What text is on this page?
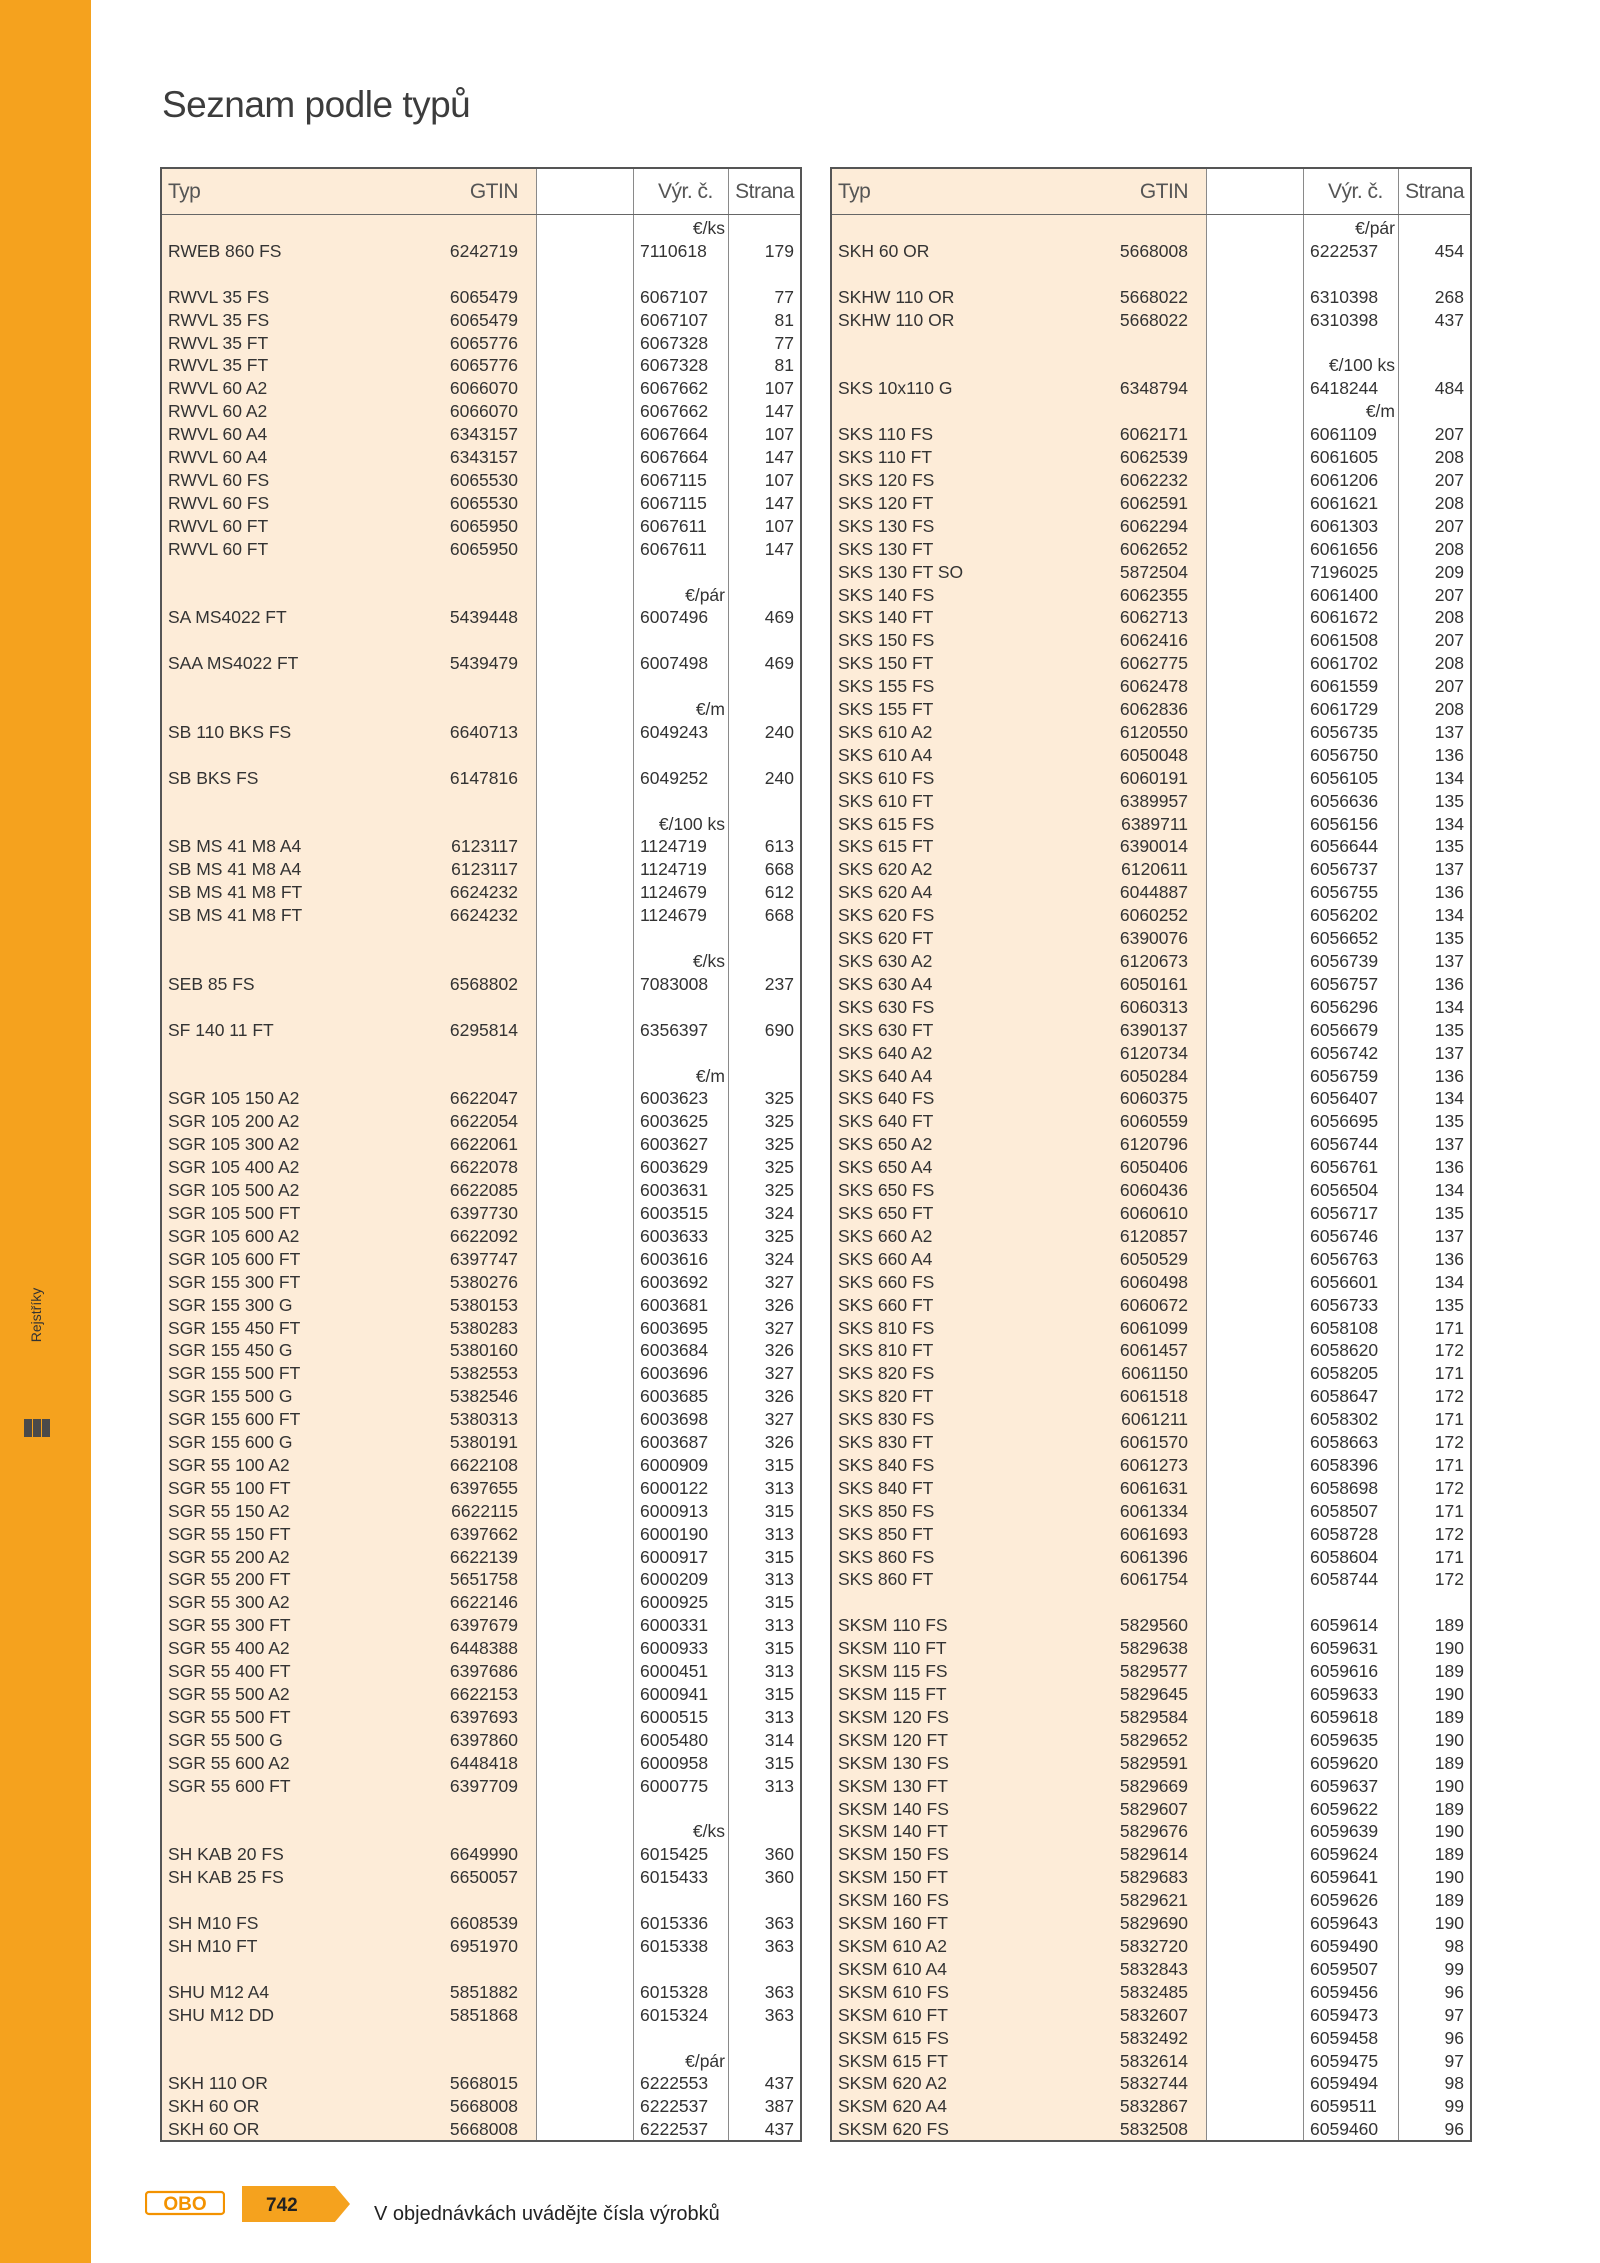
Rejstříky
Seznam podle typů
Typ	GTIN	Výr. č. Strana
€/ks
RWEB 860 FS	6242719	7110618	179
RWVL 35 FS	6065479	6067107	77
RWVL 35 FS	6065479	6067107	81
RWVL 35 FT	6065776	6067328	77
RWVL 35 FT	6065776	6067328	81
RWVL 60 A2	6066070	6067662	107
RWVL 60 A2	6066070	6067662	147
RWVL 60 A4	6343157	6067664	107
RWVL 60 A4	6343157	6067664	147
RWVL 60 FS	6065530	6067115	107
RWVL 60 FS	6065530	6067115	147
RWVL 60 FT	6065950	6067611	107
RWVL 60 FT	6065950	6067611	147
€/pár
SA MS4022 FT	5439448	6007496	469
SAA MS4022 FT	5439479	6007498	469
€/m
SB 110 BKS FS	6640713	6049243	240
SB BKS FS	6147816	6049252	240
€/100 ks
SB MS 41 M8 A4	6123117	1124719	613
SB MS 41 M8 A4	6123117	1124719	668
SB MS 41 M8 FT	6624232	1124679	612
SB MS 41 M8 FT	6624232	1124679	668
€/ks
SEB 85 FS	6568802	7083008	237
SF 140 11 FT	6295814	6356397	690
€/m
SGR 105 150 A2	6622047	6003623	325
SGR 105 200 A2	6622054	6003625	325
SGR 105 300 A2	6622061	6003627	325
SGR 105 400 A2	6622078	6003629	325
SGR 105 500 A2	6622085	6003631	325
SGR 105 500 FT	6397730	6003515	324
SGR 105 600 A2	6622092	6003633	325
SGR 105 600 FT	6397747	6003616	324
SGR 155 300 FT	5380276	6003692	327
SGR 155 300 G	5380153	6003681	326
SGR 155 450 FT	5380283	6003695	327
SGR 155 450 G	5380160	6003684	326
SGR 155 500 FT	5382553	6003696	327
SGR 155 500 G	5382546	6003685	326
SGR 155 600 FT	5380313	6003698	327
SGR 155 600 G	5380191	6003687	326
SGR 55 100 A2	6622108	6000909	315
SGR 55 100 FT	6397655	6000122	313
SGR 55 150 A2	6622115	6000913	315
SGR 55 150 FT	6397662	6000190	313
SGR 55 200 A2	6622139	6000917	315
SGR 55 200 FT	5651758	6000209	313
SGR 55 300 A2	6622146	6000925	315
SGR 55 300 FT	6397679	6000331	313
SGR 55 400 A2	6448388	6000933	315
SGR 55 400 FT	6397686	6000451	313
SGR 55 500 A2	6622153	6000941	315
SGR 55 500 FT	6397693	6000515	313
SGR 55 500 G	6397860	6005480	314
SGR 55 600 A2	6448418	6000958	315
SGR 55 600 FT	6397709	6000775	313
€/ks
SH KAB 20 FS	6649990	6015425	360
SH KAB 25 FS	6650057	6015433	360
SH M10 FS	6608539	6015336	363
SH M10 FT	6951970	6015338	363
SHU M12 A4	5851882	6015328	363
SHU M12 DD	5851868	6015324	363
€/pár
SKH 110 OR	5668015	6222553	437
SKH 60 OR	5668008	6222537	387
SKH 60 OR	5668008	6222537	437
Typ	GTIN	Výr. č. Strana
€/pár
SKH 60 OR	5668008	6222537	454
SKHW 110 OR	5668022	6310398	268
SKHW 110 OR	5668022	6310398	437
€/100 ks
SKS 10x110 G	6348794	6418244	484
€/m
SKS 110 FS	6062171	6061109	207
SKS 110 FT	6062539	6061605	208
SKS 120 FS	6062232	6061206	207
SKS 120 FT	6062591	6061621	208
SKS 130 FS	6062294	6061303	207
SKS 130 FT	6062652	6061656	208
SKS 130 FT SO	5872504	7196025	209
SKS 140 FS	6062355	6061400	207
SKS 140 FT	6062713	6061672	208
SKS 150 FS	6062416	6061508	207
SKS 150 FT	6062775	6061702	208
SKS 155 FS	6062478	6061559	207
SKS 155 FT	6062836	6061729	208
SKS 610 A2	6120550	6056735	137
SKS 610 A4	6050048	6056750	136
SKS 610 FS	6060191	6056105	134
SKS 610 FT	6389957	6056636	135
SKS 615 FS	6389711	6056156	134
SKS 615 FT	6390014	6056644	135
SKS 620 A2	6120611	6056737	137
SKS 620 A4	6044887	6056755	136
SKS 620 FS	6060252	6056202	134
SKS 620 FT	6390076	6056652	135
SKS 630 A2	6120673	6056739	137
SKS 630 A4	6050161	6056757	136
SKS 630 FS	6060313	6056296	134
SKS 630 FT	6390137	6056679	135
SKS 640 A2	6120734	6056742	137
SKS 640 A4	6050284	6056759	136
SKS 640 FS	6060375	6056407	134
SKS 640 FT	6060559	6056695	135
SKS 650 A2	6120796	6056744	137
SKS 650 A4	6050406	6056761	136
SKS 650 FS	6060436	6056504	134
SKS 650 FT	6060610	6056717	135
SKS 660 A2	6120857	6056746	137
SKS 660 A4	6050529	6056763	136
SKS 660 FS	6060498	6056601	134
SKS 660 FT	6060672	6056733	135
SKS 810 FS	6061099	6058108	171
SKS 810 FT	6061457	6058620	172
SKS 820 FS	6061150	6058205	171
SKS 820 FT	6061518	6058647	172
SKS 830 FS	6061211	6058302	171
SKS 830 FT	6061570	6058663	172
SKS 840 FS	6061273	6058396	171
SKS 840 FT	6061631	6058698	172
SKS 850 FS	6061334	6058507	171
SKS 850 FT	6061693	6058728	172
SKS 860 FS	6061396	6058604	171
SKS 860 FT	6061754	6058744	172
SKSM 110 FS	5829560	6059614	189
SKSM 110 FT	5829638	6059631	190
SKSM 115 FS	5829577	6059616	189
SKSM 115 FT	5829645	6059633	190
SKSM 120 FS	5829584	6059618	189
SKSM 120 FT	5829652	6059635	190
SKSM 130 FS	5829591	6059620	189
SKSM 130 FT	5829669	6059637	190
SKSM 140 FS	5829607	6059622	189
SKSM 140 FT	5829676	6059639	190
SKSM 150 FS	5829614	6059624	189
SKSM 150 FT	5829683	6059641	190
SKSM 160 FS	5829621	6059626	189
SKSM 160 FT	5829690	6059643	190
SKSM 610 A2	5832720	6059490	98
SKSM 610 A4	5832843	6059507	99
SKSM 610 FS	5832485	6059456	96
SKSM 610 FT	5832607	6059473	97
SKSM 615 FS	5832492	6059458	96
SKSM 615 FT	5832614	6059475	97
SKSM 620 A2	5832744	6059494	98
SKSM 620 A4	5832867	6059511	99
SKSM 620 FS	5832508	6059460	96
OBO	742	V objednávkách uvádějte čísla výrobků
